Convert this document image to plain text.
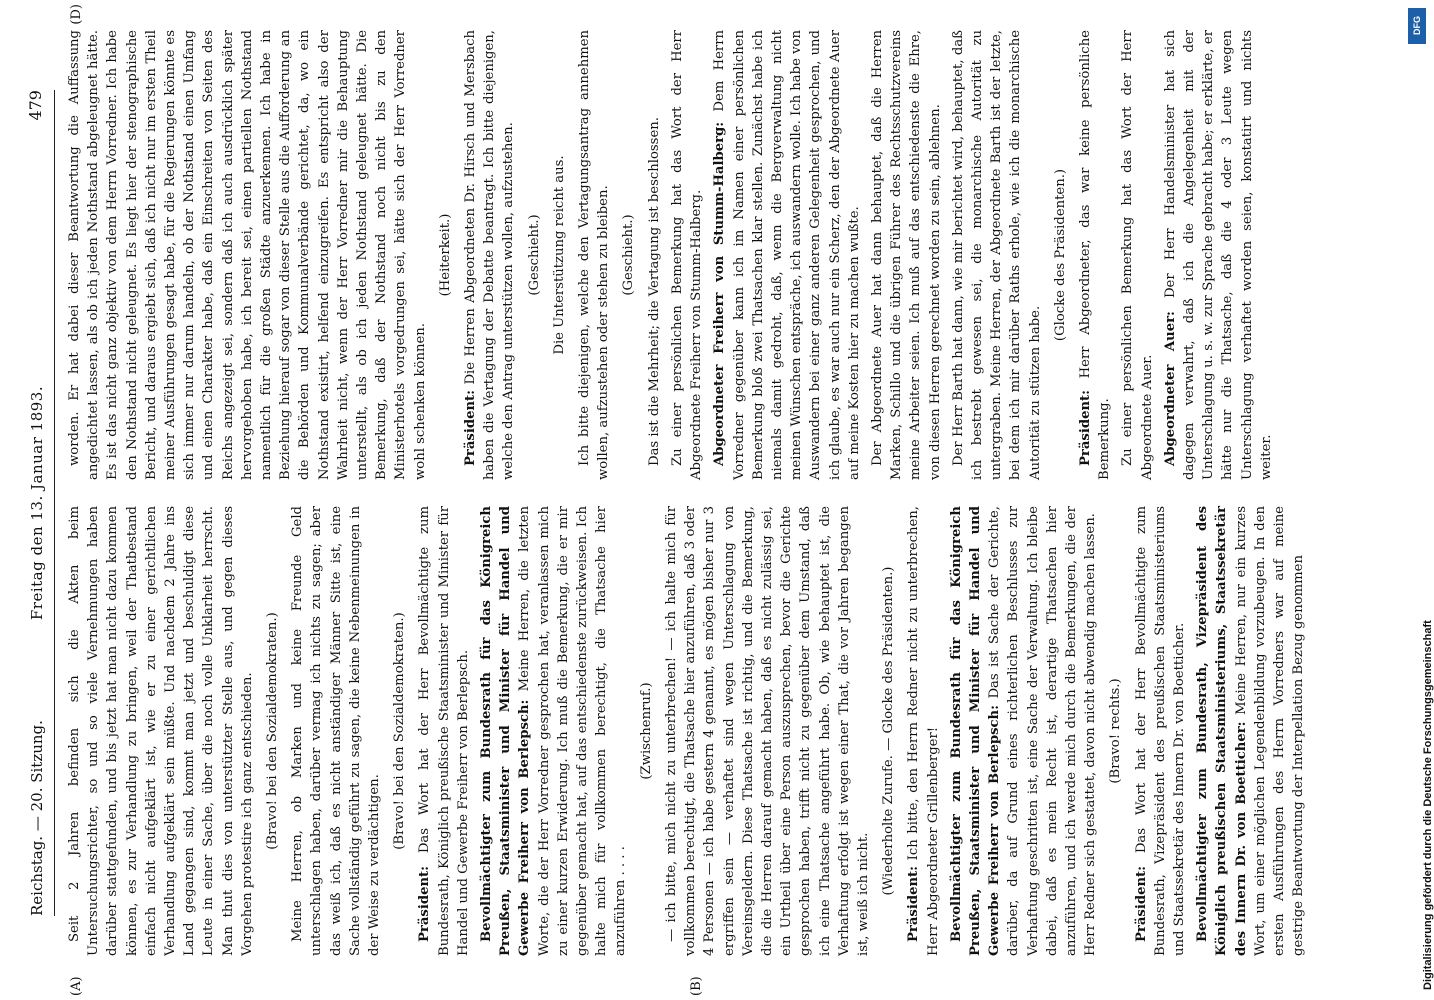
Reichstag. — 20. Sitzung.
Freitag den 13. Januar 1893.
479
(A)	(B)

Seit 2 Jahren befinden sich die Akten beim Untersuchungsrichter, so und so viele Vernehmungen haben darüber stattgefunden, und bis jetzt hat man nicht dazu kommen können, es zur Verhandlung zu bringen, weil der Thatbestand einfach nicht aufgeklärt ist, wie er zu einer gerichtlichen Verhandlung aufgeklärt sein müßte. Und nachdem 2 Jahre ins Land gegangen sind, kommt man jetzt und beschuldigt diese Leute in einer Sache, über die noch volle Unklarheit herrscht. Man thut dies von unterstützter Stelle aus, und gegen dieses Vorgehen protestire ich ganz entschieden. (Bravo! bei den Sozialdemokraten.) Meine Herren, ob Marken und keine Freunde Geld unterschlagen haben, darüber vermag ich nichts zu sagen; aber das weiß ich, daß es nicht anständiger Männer Sitte ist, eine Sache vollständig geführt zu sagen, die keine Nebenmeinungen in der Weise zu verdächtigen.

(Bravo! bei den Sozialdemokraten.)

Präsident: Das Wort hat der Herr Bevollmächtigte zum Bundesrath, Königlich preußische Staatsminister und Minister für Handel und Gewerbe Freiherr von Berlepsch. Bevollmächtigter zum Bundesrath für das Königreich Preußen, Staatsminister und Minister für Handel und Gewerbe Freiherr von Berlepsch: Meine Herren, die letzten Worte, die der Herr Vorredner gesprochen hat, veranlassen mich zu einer kurzen Erwiderung. Ich muß die Bemerkung, die er mir gegenüber gemacht hat, auf das entschiedenste zurückweisen. Ich halte mich für vollkommen berechtigt, die Thatsache hier anzuführen . . . .

(Zwischenruf.) — ich bitte, mich nicht zu unterbrechen! — ich halte mich für vollkommen berechtigt, die Thatsache hier anzuführen, daß 3 oder 4 Personen — ich habe gestern 4 genannt, es mögen bisher nur 3 ergriffen sein — verhaftet sind wegen Unterschlagung von Vereinsgeldern. Diese Thatsache ist richtig, und die Bemerkung, die die Herren darauf gemacht haben, daß es nicht zulässig sei, ein Urtheil über eine Person auszusprechen, bevor die Gerichte gesprochen haben, trifft nicht zu gegenüber dem Umstand, daß ich eine Thatsache angeführt habe. Ob, wie behauptet ist, die Verhaftung erfolgt ist wegen einer That, die vor Jahren begangen ist, weiß ich nicht. (Wiederholte Zurufe. — Glocke des Präsidenten.)

Präsident: Ich bitte, den Herrn Redner nicht zu unterbrechen, Herr Abgeordneter Grillenberger! Bevollmächtigter zum Bundesrath für das Königreich Preußen, Staatsminister und Minister für Handel und Gewerbe Freiherr von Berlepsch: Das ist Sache der Gerichte, darüber, da auf Grund eines richterlichen Beschlusses zur Verhaftung geschritten ist, eine Sache der Verwaltung. Ich bleibe dabei, daß es mein Recht ist, derartige Thatsachen hier anzuführen, und ich werde mich durch die Bemerkungen, die der Herr Redner sich gestattet, davon nicht abwendig machen lassen. (Bravo! rechts.)

Präsident: Das Wort hat der Herr Bevollmächtigte zum Bundesrath, Vizepräsident des preußischen Staatsministeriums und Staatssekretär des Innern Dr. von Boetticher. Bevollmächtigter zum Bundesrath, Vizepräsident des Königlich preußischen Staatsministeriums, Staatssekretär des Innern Dr. von Boetticher: Meine Herren, nur ein kurzes Wort, um einer möglichen Legendenbildung vorzubeugen. In den ersten Ausführungen des Herrn Vorredners war auf meine gestrige Beantwortung der Interpellation Bezug genommen

(D)

worden. Er hat dabei dieser Beantwortung die Auffassung angedichtet lassen, als ob ich jeden Nothstand abgeleugnet hätte. Es ist das nicht ganz objektiv von dem Herrn Vorredner. Ich habe den Nothstand nicht geleugnet. Es liegt hier der stenographische Bericht, und daraus ergiebt sich, daß ich nicht nur im ersten Theil meiner Ausführungen gesagt habe, für die Regierungen könnte es sich immer nur darum handeln, ob der Nothstand einen Umfang und einen Charakter habe, daß ein Einschreiten von Seiten des Reichs angezeigt sei, sondern daß ich auch ausdrücklich später hervorgehoben habe, ich bereit sei, einen partiellen Nothstand namentlich für die großen Städte anzuerkennen. Ich habe in Beziehung hierauf sogar von dieser Stelle aus die Aufforderung an die Behörden und Kommunalverbände gerichtet, da, wo ein Nothstand existirt, helfend einzugreifen. Es entspricht also der Wahrheit nicht, wenn der Herr Vorredner mir die Behauptung unterstellt, als ob ich jeden Nothstand geleugnet hätte. Die Bemerkung, daß der Nothstand noch nicht bis zu den Ministerhotels vorgedrungen sei, hätte sich der Herr Vorredner wohl schenken können.

(Heiterkeit.)

Präsident: Die Herren Abgeordneten Dr. Hirsch und Mersbach haben die Vertagung der Debatte beantragt. Ich bitte diejenigen, welche den Antrag unterstützen wollen, aufzustehen. (Geschieht.) Die Unterstützung reicht aus. Ich bitte diejenigen, welche den Vertagungsantrag annehmen wollen, aufzustehen oder stehen zu bleiben. (Geschieht.) Das ist die Mehrheit; die Vertagung ist beschlossen. Zu einer persönlichen Bemerkung hat das Wort der Herr Abgeordnete Freiherr von Stumm-Halberg. Abgeordneter Freiherr von Stumm-Halberg: Dem Herrn Vorredner gegenüber kann ich im Namen einer persönlichen Bemerkung bloß zwei Thatsachen klar stellen. Zunächst habe ich niemals damit gedroht, daß, wenn die Bergverwaltung nicht meinen Wünschen entspräche, ich auswandern wolle. Ich habe von Auswandern bei einer ganz anderen Gelegenheit gesprochen, und ich glaube, es war auch nur ein Scherz, den der Abgeordnete Auer auf meine Kosten hier zu machen wußte. Der Abgeordnete Auer hat dann behauptet, daß die Herren Marken, Schillo und die übrigen Führer des Rechtsschutzvereins meine Arbeiter seien. Ich muß auf das entschiedenste die Ehre, von diesen Herren gerechnet worden zu sein, ablehnen. Der Herr Barth hat dann, wie mir berichtet wird, behauptet, daß ich bestrebt gewesen sei, die monarchische Autorität zu untergraben. Meine Herren, der Abgeordnete Barth ist der letzte, bei dem ich mir darüber Raths erhole, wie ich die monarchische Autorität zu stützen habe.

(Glocke des Präsidenten.)

Präsident: Herr Abgeordneter, das war keine persönliche Bemerkung. Zu einer persönlichen Bemerkung hat das Wort der Herr Abgeordnete Auer. Abgeordneter Auer: Der Herr Handelsminister hat sich dagegen verwahrt, daß ich die Angelegenheit mit der Unterschlagung u. s. w. zur Sprache gebracht habe; er erklärte, er hätte nur die Thatsache, daß die 4 oder 3 Leute wegen Unterschlagung verhaftet worden seien, konstatirt und nichts weiter.

DFG
Digitalisierung gefördert durch die Deutsche Forschungsgemeinschaft
